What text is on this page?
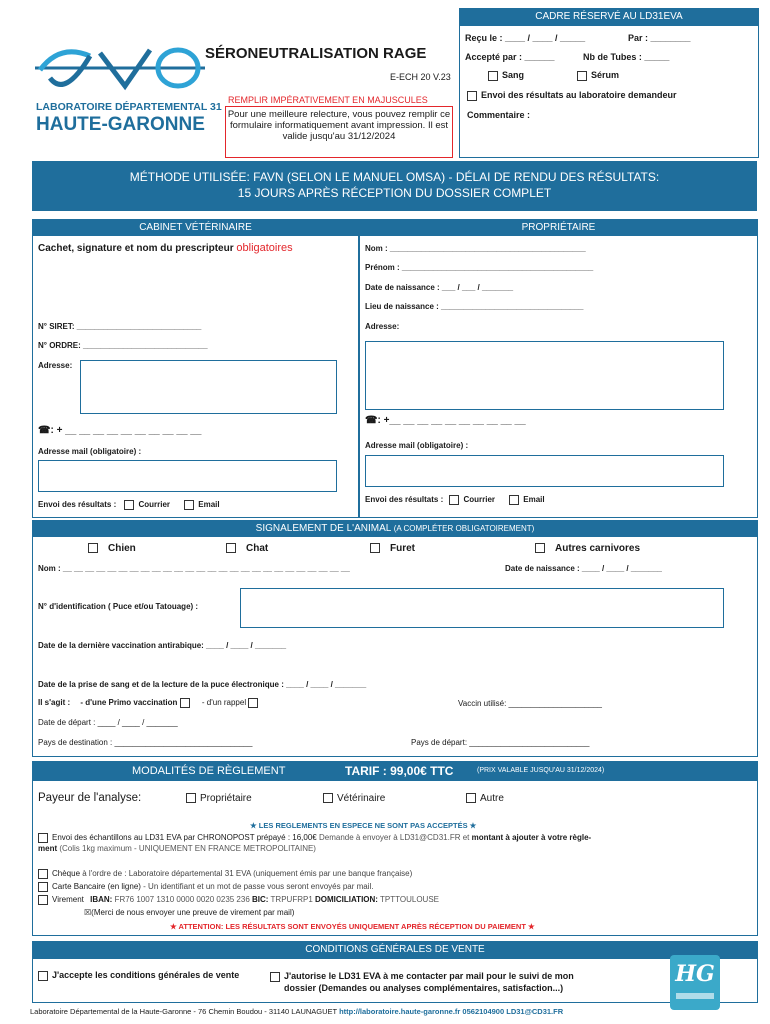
LABORATOIRE DÉPARTEMENTAL 31
HAUTE-GARONNE
SÉRONEUTRALISATION RAGE
E-ECH 20 V.23
REMPLIR IMPÉRATIVEMENT EN MAJUSCULES
Pour une meilleure relecture, vous pouvez remplir ce formulaire informatiquement avant impression. Il est valide jusqu'au 31/12/2024
CADRE RÉSERVÉ AU LD31EVA
Reçu le : ____ / ____ / _____	Par : ________
Accepté par : ______	Nb de Tubes : _____
Sang	Sérum
Envoi des résultats au laboratoire demandeur
Commentaire :
MÉTHODE UTILISÉE: FAVN (SELON LE MANUEL OMSA) - DÉLAI DE RENDU DES RÉSULTATS:
15 JOURS APRÈS RÉCEPTION DU DOSSIER COMPLET
CABINET VÉTÉRINAIRE
Cachet, signature et nom du prescripteur obligatoires
N° SIRET: ____________________________
N° ORDRE: ____________________________
Adresse:
☎: + __ __ __ __ __ __ __ __ __ __
Adresse mail (obligatoire) :
Envoi des résultats :	Courrier	Email
PROPRIÉTAIRE
Nom : ____________________________________________
Prénom : ___________________________________________
Date de naissance : ___ / ___ / _______
Lieu de naissance : ________________________________
Adresse:
☎: +__ __ __ __ __ __ __ __ __ __
Adresse mail (obligatoire) :
Envoi des résultats :	Courrier	Email
SIGNALEMENT DE L'ANIMAL (A COMPLÉTER OBLIGATOIREMENT)
Chien	Chat	Furet	Autres carnivores
Nom : __ __ __ __ __ __ __ __ __ __ __ __ __ __ __ __ __ __ __ __ __ __ __ __ __ __	Date de naissance : ____ / ____ / _______
N° d'identification ( Puce et/ou Tatouage) :
Date de la dernière vaccination antirabique: ____ / ____ / _______
Date de la prise de sang et de la lecture de la puce électronique : ____ / ____ / _______
Il s'agit : - d'une Primo vaccination	- d'un rappel	Vaccin utilisé: _____________________
Date de départ : ____ / ____ / _______
Pays de destination : _______________________________	Pays de départ: ___________________________
MODALITÉS DE RÈGLEMENT	TARIF : 99,00€ TTC	(PRIX VALABLE JUSQU'AU 31/12/2024)
Payeur de l'analyse:	Propriétaire	Vétérinaire	Autre
★ LES REGLEMENTS EN ESPECE NE SONT PAS ACCEPTÉS ★
Envoi des échantillons au LD31 EVA par CHRONOPOST prépayé : 16,00€ Demande à envoyer à LD31@CD31.FR et montant à ajouter à votre règle-
ment (Colis 1kg maximum - UNIQUEMENT EN FRANCE METROPOLITAINE)
Chèque à l'ordre de : Laboratoire départemental 31 EVA (uniquement émis par une banque française)
Carte Bancaire (en ligne) - Un identifiant et un mot de passe vous seront envoyés par mail.
Virement IBAN: FR76 1007 1310 0000 0020 0235 236 BIC: TRPUFRP1 DOMICILIATION: TPTTOULOUSE
☒(Merci de nous envoyer une preuve de virement par mail)
★ ATTENTION: LES RÉSULTATS SONT ENVOYÉS UNIQUEMENT APRÈS RÉCEPTION DU PAIEMENT ★
CONDITIONS GÉNÉRALES DE VENTE
J'accepte les conditions générales de vente	J'autorise le LD31 EVA à me contacter par mail pour le suivi de mon
dossier (Demandes ou analyses complémentaires, satisfaction...)
HG
Laboratoire Départemental de la Haute-Garonne - 76 Chemin Boudou - 31140 LAUNAGUET http://laboratoire.haute-garonne.fr 0562104900 LD31@CD31.FR
